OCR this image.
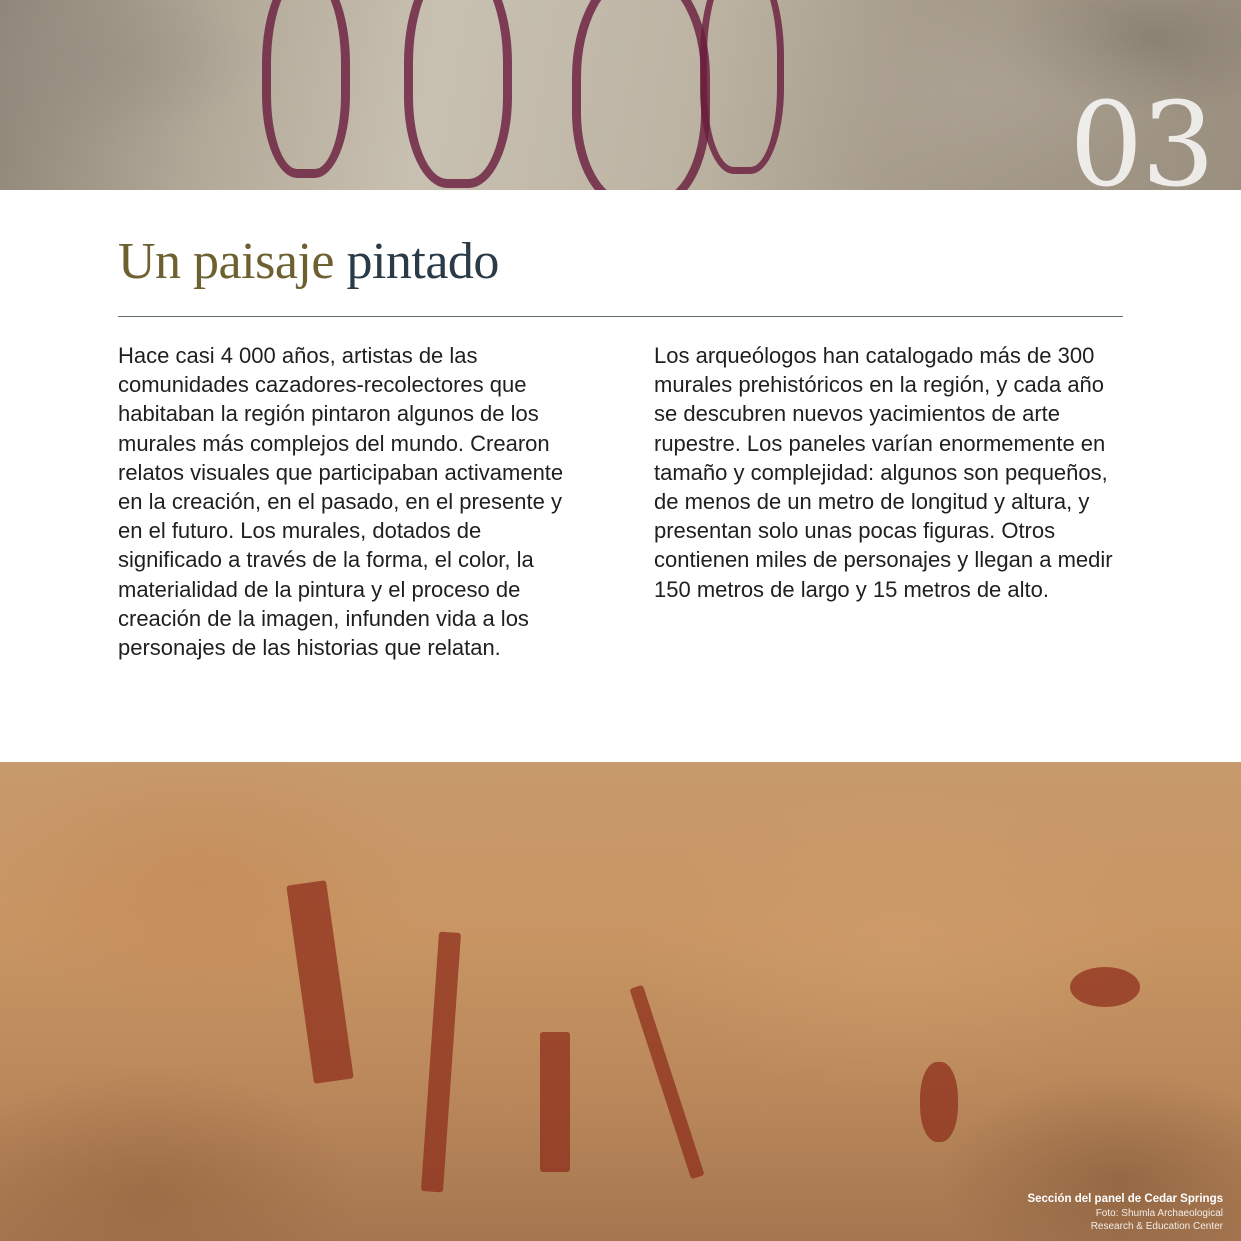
03
Un paisaje pintado

Hace casi 4 000 años, artistas de las comunidades cazadores-recolectores que habitaban la región pintaron algunos de los murales más complejos del mundo. Crearon relatos visuales que participaban activamente en la creación, en el pasado, en el presente y en el futuro. Los murales, dotados de significado a través de la forma, el color, la materialidad de la pintura y el proceso de creación de la imagen, infunden vida a los personajes de las historias que relatan.

Los arqueólogos han catalogado más de 300 murales prehistóricos en la región, y cada año se descubren nuevos yacimientos de arte rupestre. Los paneles varían enormemente en tamaño y complejidad: algunos son pequeños, de menos de un metro de longitud y altura, y presentan solo unas pocas figuras. Otros contienen miles de personajes y llegan a medir 150 metros de largo y 15 metros de alto.

Sección del panel de Cedar Springs
Foto: Shumla Archaeological
Research & Education Center
